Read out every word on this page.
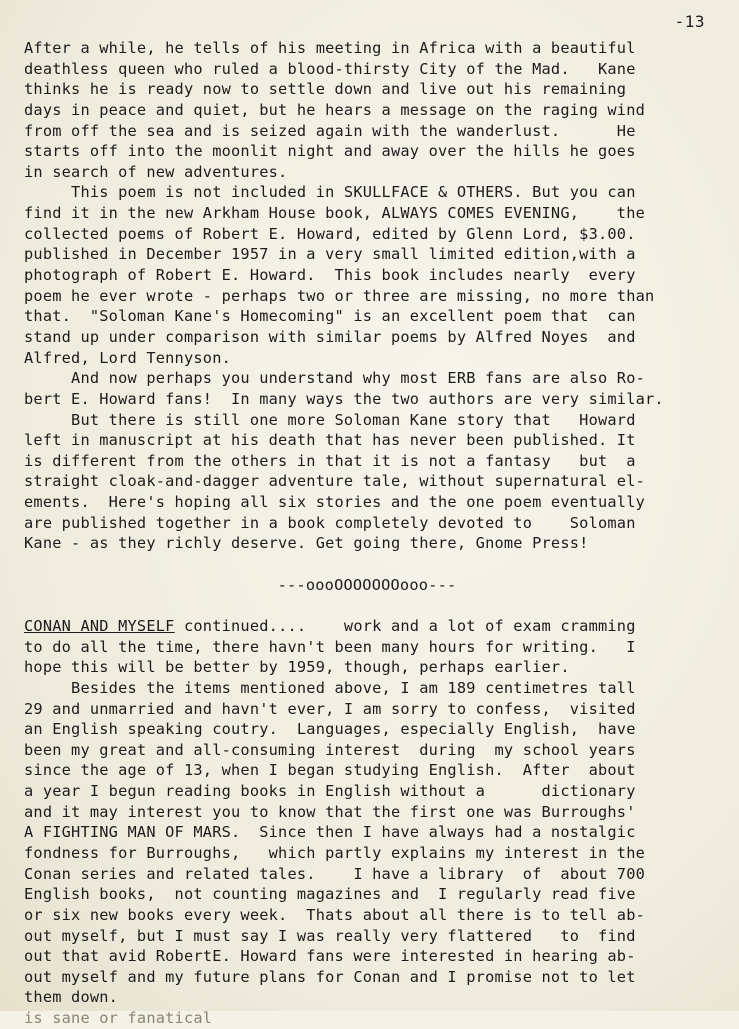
-13
After a while, he tells of his meeting in Africa with a beautiful
deathless queen who ruled a blood-thirsty City of the Mad.   Kane
thinks he is ready now to settle down and live out his remaining
days in peace and quiet, but he hears a message on the raging wind
from off the sea and is seized again with the wanderlust.      He
starts off into the moonlit night and away over the hills he goes
in search of new adventures.
This poem is not included in SKULLFACE & OTHERS. But you can
find it in the new Arkham House book, ALWAYS COMES EVENING,    the
collected poems of Robert E. Howard, edited by Glenn Lord, $3.00.
published in December 1957 in a very small limited edition,with a
photograph of Robert E. Howard.  This book includes nearly  every
poem he ever wrote - perhaps two or three are missing, no more than
that.  "Soloman Kane's Homecoming" is an excellent poem that  can
stand up under comparison with similar poems by Alfred Noyes  and
Alfred, Lord Tennyson.
And now perhaps you understand why most ERB fans are also Ro-
bert E. Howard fans!  In many ways the two authors are very similar.
But there is still one more Soloman Kane story that   Howard
left in manuscript at his death that has never been published. It
is different from the others in that it is not a fantasy   but  a
straight cloak-and-dagger adventure tale, without supernatural el-
ements.  Here's hoping all six stories and the one poem eventually
are published together in a book completely devoted to    Soloman
Kane - as they richly deserve. Get going there, Gnome Press!
---oooOOOOOOOooo---
CONAN AND MYSELF continued....    work and a lot of exam cramming
to do all the time, there havn't been many hours for writing.   I
hope this will be better by 1959, though, perhaps earlier.
Besides the items mentioned above, I am 189 centimetres tall
29 and unmarried and havn't ever, I am sorry to confess,  visited
an English speaking coutry.  Languages, especially English,  have
been my great and all-consuming interest  during  my school years
since the age of 13, when I began studying English.  After  about
a year I begun reading books in English without a      dictionary
and it may interest you to know that the first one was Burroughs'
A FIGHTING MAN OF MARS.  Since then I have always had a nostalgic
fondness for Burroughs,   which partly explains my interest in the
Conan series and related tales.    I have a library  of  about 700
English books,  not counting magazines and  I regularly read five
or six new books every week.  Thats about all there is to tell ab-
out myself, but I must say I was really very flattered   to  find
out that avid RobertE. Howard fans were interested in hearing ab-
out myself and my future plans for Conan and I promise not to let
them down.
is sane or fanatical
